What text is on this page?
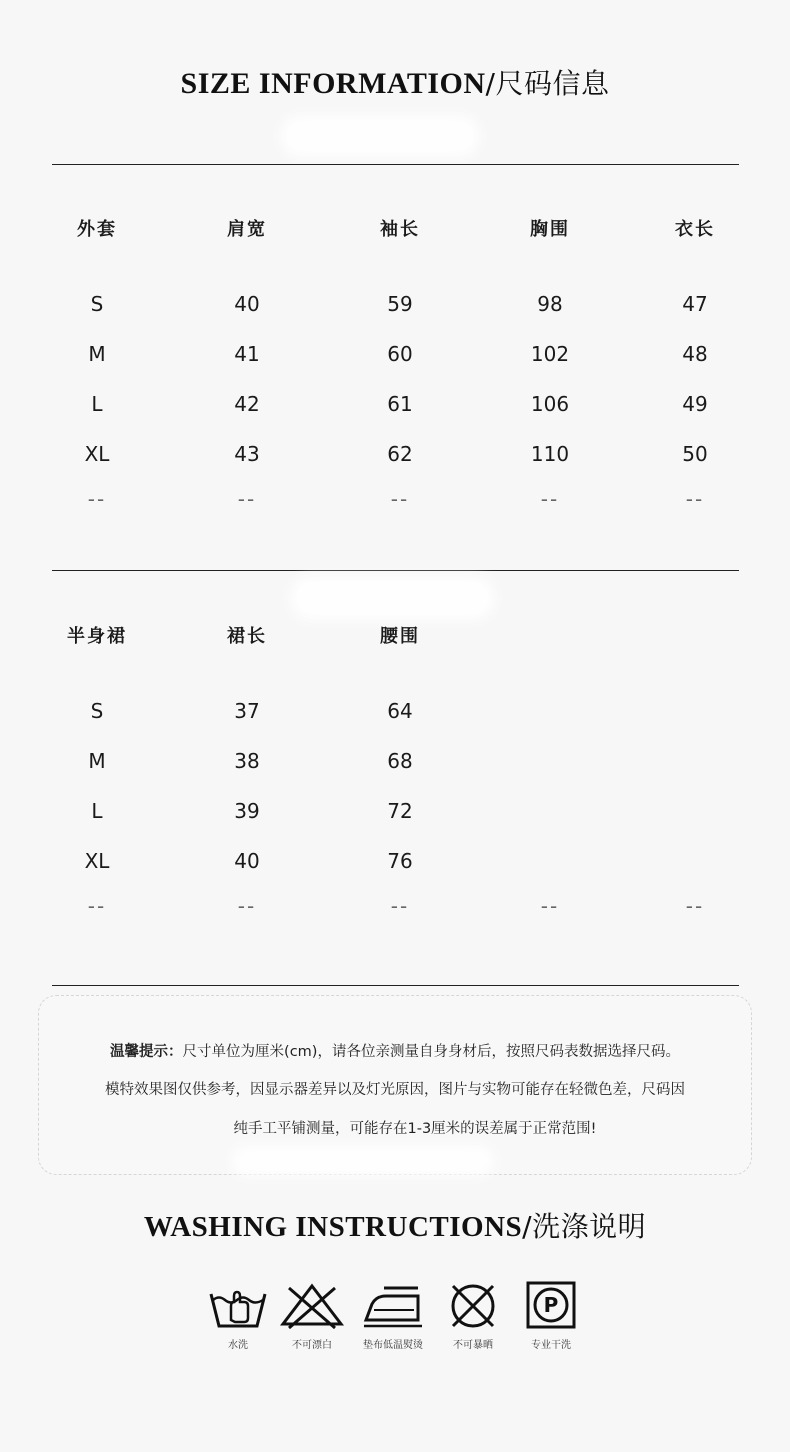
SIZE INFORMATION/尺码信息
外套	肩宽	袖长	胸围	衣长
S	40	59	98	47
M	41	60	102	48
L	42	61	106	49
XL	43	62	110	50
--	--	--	--	--
半身裙	裙长	腰围
S	37	64
M	38	68
L	39	72
XL	40	76
--	--	--	--	--
温馨提示：尺寸单位为厘米(cm)，请各位亲测量自身身材后，按照尺码表数据选择尺码。
模特效果图仅供参考，因显示器差异以及灯光原因，图片与实物可能存在轻微色差，尺码因
纯手工平铺测量，可能存在1-3厘米的误差属于正常范围!
WASHING INSTRUCTIONS/洗涤说明
水洗	不可漂白	垫布低温熨烫	不可暴晒
P
专业干洗
